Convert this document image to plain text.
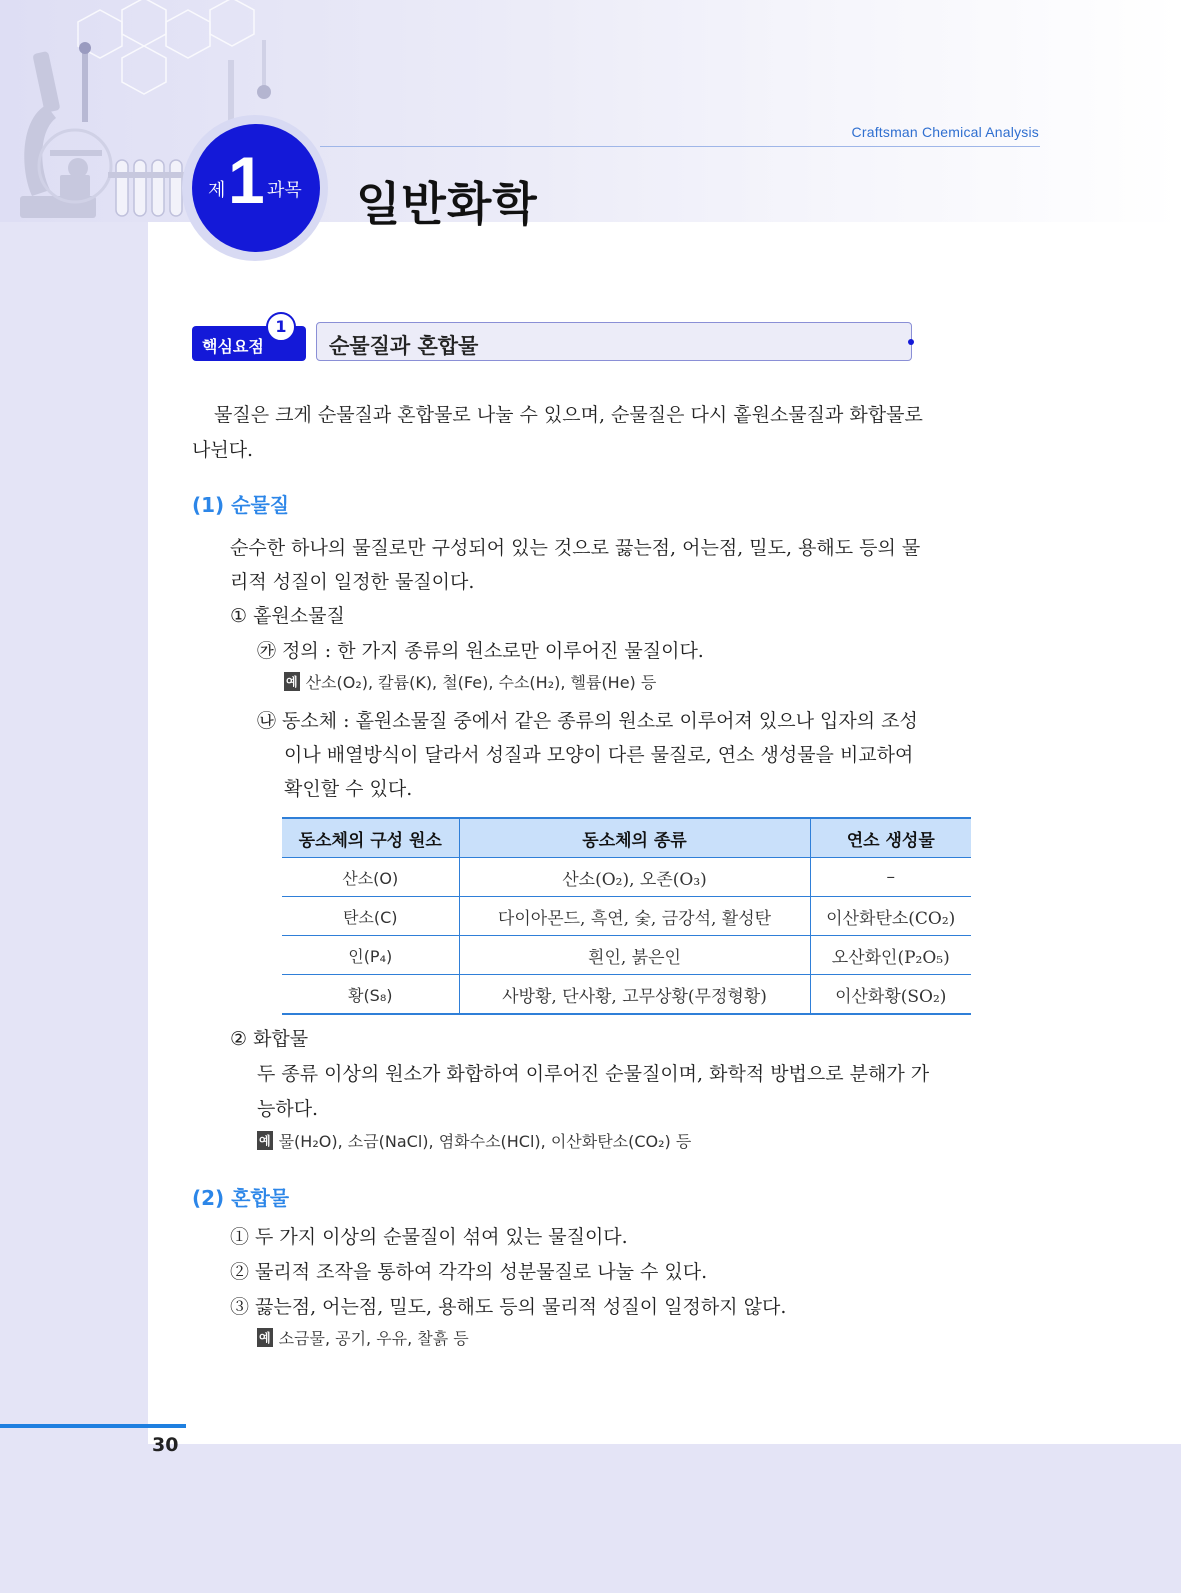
Craftsman Chemical Analysis
제 1 과목 일반화학
핵심요점
1
순물질과 혼합물
물질은 크게 순물질과 혼합물로 나눌 수 있으며, 순물질은 다시 홑원소물질과 화합물로
나뉜다.
(1) 순물질
순수한 하나의 물질로만 구성되어 있는 것으로 끓는점, 어는점, 밀도, 용해도 등의 물
리적 성질이 일정한 물질이다.
① 홑원소물질
㉮ 정의 : 한 가지 종류의 원소로만 이루어진 물질이다.
예 산소(O₂), 칼륨(K), 철(Fe), 수소(H₂), 헬륨(He) 등
㉯ 동소체 : 홑원소물질 중에서 같은 종류의 원소로 이루어져 있으나 입자의 조성
이나 배열방식이 달라서 성질과 모양이 다른 물질로, 연소 생성물을 비교하여
확인할 수 있다.
동소체의 구성 원소	동소체의 종류	연소 생성물
산소(O)	산소(O₂), 오존(O₃)	–
탄소(C)	다이아몬드, 흑연, 숯, 금강석, 활성탄	이산화탄소(CO₂)
인(P₄)	흰인, 붉은인	오산화인(P₂O₅)
황(S₈)	사방황, 단사황, 고무상황(무정형황)	이산화황(SO₂)
② 화합물
두 종류 이상의 원소가 화합하여 이루어진 순물질이며, 화학적 방법으로 분해가 가
능하다.
예 물(H₂O), 소금(NaCl), 염화수소(HCl), 이산화탄소(CO₂) 등
(2) 혼합물
① 두 가지 이상의 순물질이 섞여 있는 물질이다.
② 물리적 조작을 통하여 각각의 성분물질로 나눌 수 있다.
③ 끓는점, 어는점, 밀도, 용해도 등의 물리적 성질이 일정하지 않다.
예 소금물, 공기, 우유, 찰흙 등
30
